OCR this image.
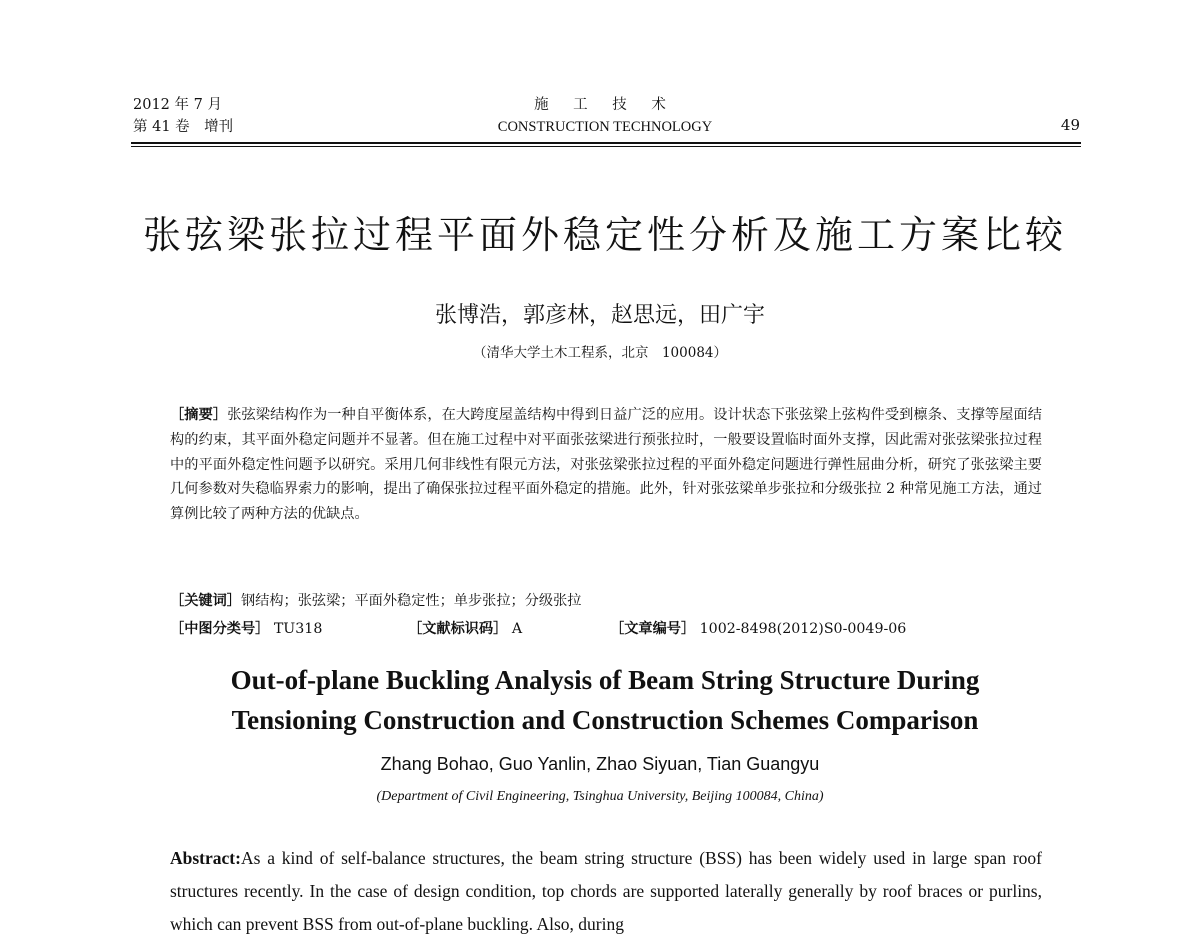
2012 年 7 月
第 41 卷　增刊
施 工 技 术
CONSTRUCTION TECHNOLOGY	49
张弦梁张拉过程平面外稳定性分析及施工方案比较
张博浩，郭彦林，赵思远，田广宇
（清华大学土木工程系，北京　100084）
［摘要］张弦梁结构作为一种自平衡体系，在大跨度屋盖结构中得到日益广泛的应用。设计状态下张弦梁上弦构件受到檩条、支撑等屋面结构的约束，其平面外稳定问题并不显著。但在施工过程中对平面张弦梁进行预张拉时，一般要设置临时面外支撑，因此需对张弦梁张拉过程中的平面外稳定性问题予以研究。采用几何非线性有限元方法，对张弦梁张拉过程的平面外稳定问题进行弹性屈曲分析，研究了张弦梁主要几何参数对失稳临界索力的影响，提出了确保张拉过程平面外稳定的措施。此外，针对张弦梁单步张拉和分级张拉 2 种常见施工方法，通过算例比较了两种方法的优缺点。
［关键词］钢结构；张弦梁；平面外稳定性；单步张拉；分级张拉
［中图分类号］ TU318	［文献标识码］ A	［文章编号］ 1002-8498(2012)S0-0049-06
Out-of-plane Buckling Analysis of Beam String Structure During
Tensioning Construction and Construction Schemes Comparison
Zhang Bohao, Guo Yanlin, Zhao Siyuan, Tian Guangyu
(Department of Civil Engineering, Tsinghua University, Beijing 100084, China)
Abstract:As a kind of self-balance structures, the beam string structure (BSS) has been widely used in large span roof structures recently. In the case of design condition, top chords are supported laterally generally by roof braces or purlins, which can prevent BSS from out-of-plane buckling. Also, during
